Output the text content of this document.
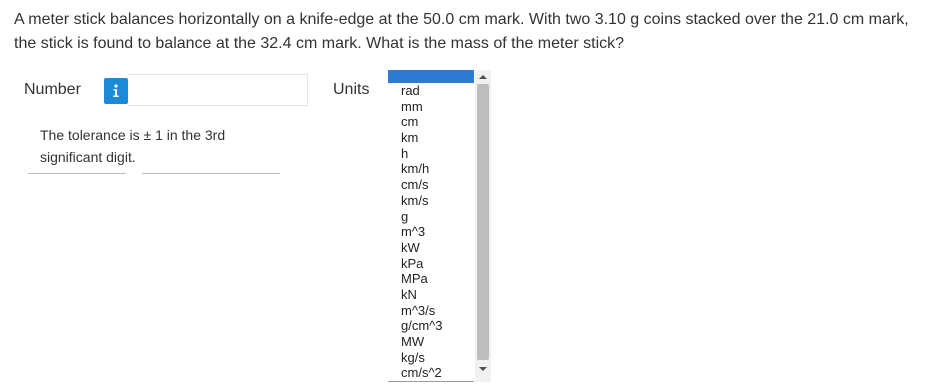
A meter stick balances horizontally on a knife-edge at the 50.0 cm mark. With two 3.10 g coins stacked over the 21.0 cm mark, the stick is found to balance at the 32.4 cm mark. What is the mass of the meter stick?
Number
The tolerance is ± 1 in the 3rd significant digit.
Units	rad
mm
cm
km
h
km/h
cm/s
km/s
g
m^3
kW
kPa
MPa
kN
m^3/s
g/cm^3
MW
kg/s
cm/s^2
